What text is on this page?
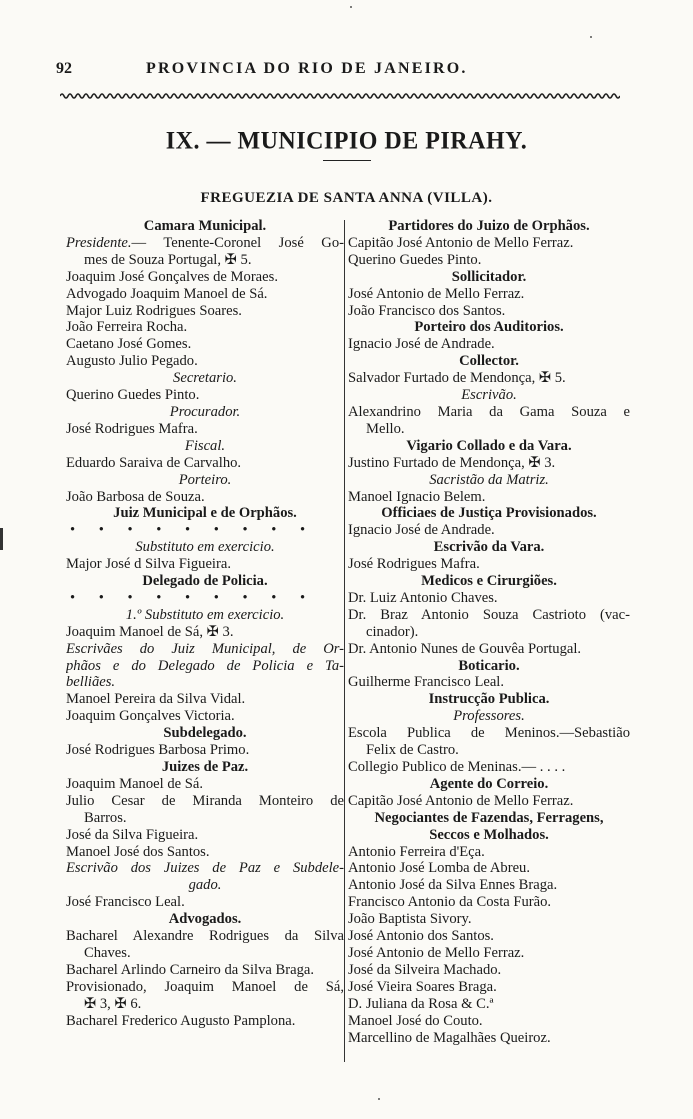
92	PROVINCIA DO RIO DE JANEIRO.
IX. — MUNICIPIO DE PIRAHY.
FREGUEZIA DE SANTA ANNA (VILLA).
Camara Municipal.
Presidente.— Tenente-Coronel José Go-
mes de Souza Portugal, ✠ 5.
Joaquim José Gonçalves de Moraes.
Advogado Joaquim Manoel de Sá.
Major Luiz Rodrigues Soares.
João Ferreira Rocha.
Caetano José Gomes.
Augusto Julio Pegado.
Secretario.
Querino Guedes Pinto.
Procurador.
José Rodrigues Mafra.
Fiscal.
Eduardo Saraiva de Carvalho.
Porteiro.
João Barbosa de Souza.
Juiz Municipal e de Orphãos.
• • • • • • • • •
Substituto em exercicio.
Major José d Silva Figueira.
Delegado de Policia.
• • • • • • • • •
1.º Substituto em exercicio.
Joaquim Manoel de Sá, ✠ 3.
Escrivães do Juiz Municipal, de Or-
phãos e do Delegado de Policia e Ta-
belliães.
Manoel Pereira da Silva Vidal.
Joaquim Gonçalves Victoria.
Subdelegado.
José Rodrigues Barbosa Primo.
Juizes de Paz.
Joaquim Manoel de Sá.
Julio Cesar de Miranda Monteiro de
Barros.
José da Silva Figueira.
Manoel José dos Santos.
Escrivão dos Juizes de Paz e Subdele-
gado.
José Francisco Leal.
Advogados.
Bacharel Alexandre Rodrigues da Silva
Chaves.
Bacharel Arlindo Carneiro da Silva Braga.
Provisionado, Joaquim Manoel de Sá,
✠ 3, ✠ 6.
Bacharel Frederico Augusto Pamplona.
Partidores do Juizo de Orphãos.
Capitão José Antonio de Mello Ferraz.
Querino Guedes Pinto.
Sollicitador.
José Antonio de Mello Ferraz.
João Francisco dos Santos.
Porteiro dos Auditorios.
Ignacio José de Andrade.
Collector.
Salvador Furtado de Mendonça, ✠ 5.
Escrivão.
Alexandrino Maria da Gama Souza e
Mello.
Vigario Collado e da Vara.
Justino Furtado de Mendonça, ✠ 3.
Sacristão da Matriz.
Manoel Ignacio Belem.
Officiaes de Justiça Provisionados.
Ignacio José de Andrade.
Escrivão da Vara.
José Rodrigues Mafra.
Medicos e Cirurgiões.
Dr. Luiz Antonio Chaves.
Dr. Braz Antonio Souza Castrioto (vac-
cinador).
Dr. Antonio Nunes de Gouvêa Portugal.
Boticario.
Guilherme Francisco Leal.
Instrucção Publica.
Professores.
Escola Publica de Meninos.—Sebastião
Felix de Castro.
Collegio Publico de Meninas.— . . . .
Agente do Correio.
Capitão José Antonio de Mello Ferraz.
Negociantes de Fazendas, Ferragens,
Seccos e Molhados.
Antonio Ferreira d'Eça.
Antonio José Lomba de Abreu.
Antonio José da Silva Ennes Braga.
Francisco Antonio da Costa Furão.
João Baptista Sivory.
José Antonio dos Santos.
José Antonio de Mello Ferraz.
José da Silveira Machado.
José Vieira Soares Braga.
D. Juliana da Rosa & C.ª
Manoel José do Couto.
Marcellino de Magalhães Queiroz.
